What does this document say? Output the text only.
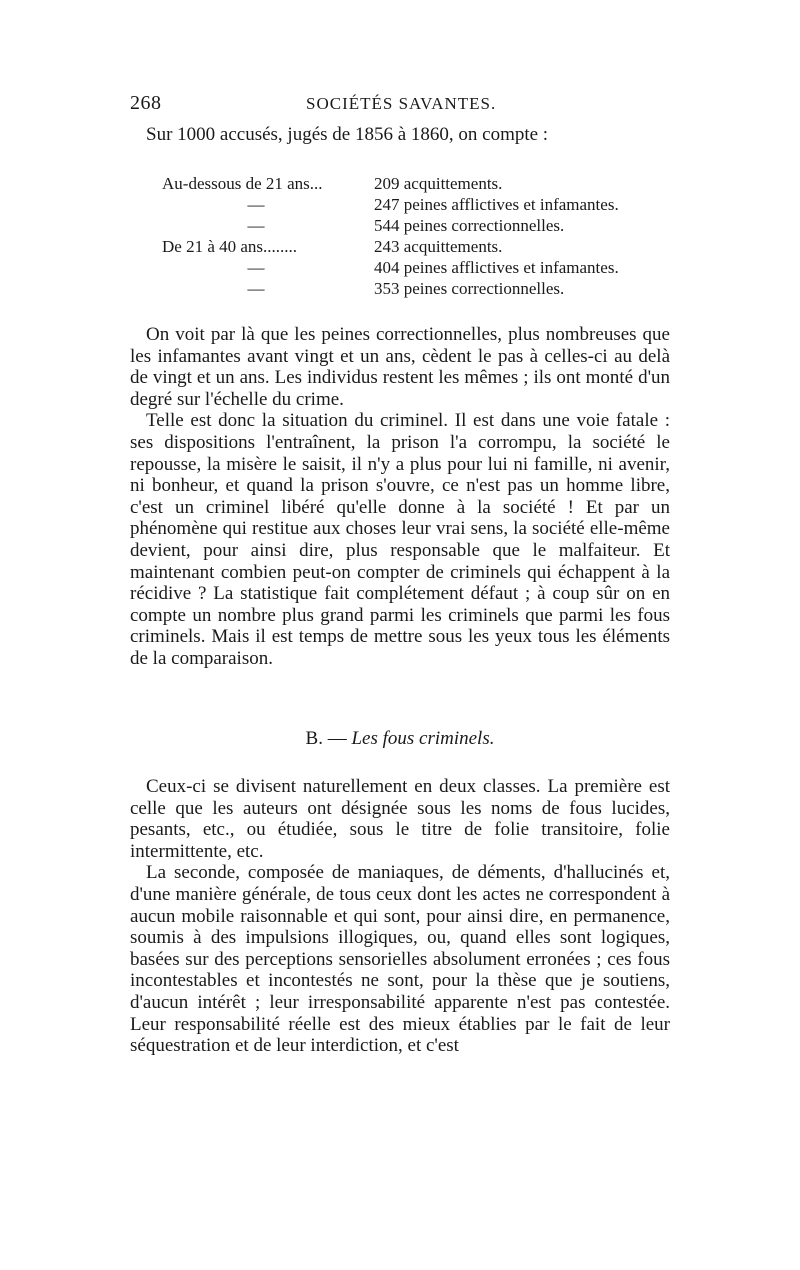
268	SOCIÉTÉS SAVANTES.
Sur 1000 accusés, jugés de 1856 à 1860, on compte :
Au-dessous de 21 ans...	209 acquittements.
—	247 peines afflictives et infamantes.
—	544 peines correctionnelles.
De 21 à 40 ans........	243 acquittements.
—	404 peines afflictives et infamantes.
—	353 peines correctionnelles.

On voit par là que les peines correctionnelles, plus nombreuses que les infamantes avant vingt et un ans, cèdent le pas à celles-ci au delà de vingt et un ans. Les individus restent les mêmes ; ils ont monté d'un degré sur l'échelle du crime.

Telle est donc la situation du criminel. Il est dans une voie fatale : ses dispositions l'entraînent, la prison l'a corrompu, la société le repousse, la misère le saisit, il n'y a plus pour lui ni famille, ni avenir, ni bonheur, et quand la prison s'ouvre, ce n'est pas un homme libre, c'est un criminel libéré qu'elle donne à la société ! Et par un phénomène qui restitue aux choses leur vrai sens, la société elle-même devient, pour ainsi dire, plus responsable que le malfaiteur. Et maintenant combien peut-on compter de criminels qui échappent à la récidive ? La statistique fait complétement défaut ; à coup sûr on en compte un nombre plus grand parmi les criminels que parmi les fous criminels. Mais il est temps de mettre sous les yeux tous les éléments de la comparaison.

B. — Les fous criminels.

Ceux-ci se divisent naturellement en deux classes. La première est celle que les auteurs ont désignée sous les noms de fous lucides, pesants, etc., ou étudiée, sous le titre de folie transitoire, folie intermittente, etc.

La seconde, composée de maniaques, de déments, d'hallucinés et, d'une manière générale, de tous ceux dont les actes ne correspondent à aucun mobile raisonnable et qui sont, pour ainsi dire, en permanence, soumis à des impulsions illogiques, ou, quand elles sont logiques, basées sur des perceptions sensorielles absolument erronées ; ces fous incontestables et incontestés ne sont, pour la thèse que je soutiens, d'aucun intérêt ; leur irresponsabilité apparente n'est pas contestée. Leur responsabilité réelle est des mieux établies par le fait de leur séquestration et de leur interdiction, et c'est
